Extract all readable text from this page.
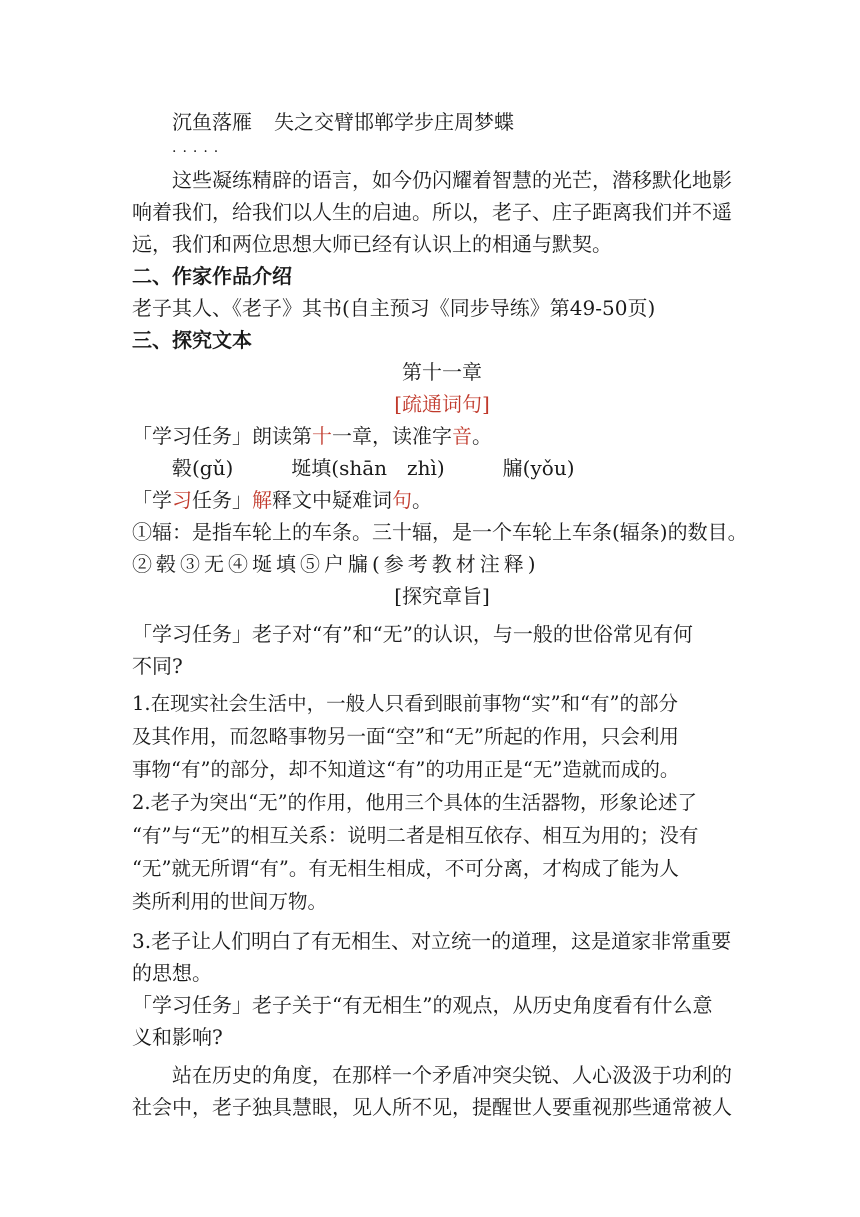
沉鱼落雁 失之交臂邯郸学步庄周梦蝶
.....
这些凝练精辟的语言，如今仍闪耀着智慧的光芒，潜移默化地影
响着我们，给我们以人生的启迪。所以，老子、庄子距离我们并不遥
远，我们和两位思想大师已经有认识上的相通与默契。
二、作家作品介绍
老子其人、《老子》其书(自主预习《同步导练》第49-50页)
三、探究文本
第十一章
[疏通词句]
「学习任务」朗读第十一章，读准字音。
毂(gǔ)	埏填(shān　zhì)	牖(yǒu)
「学习任务」解释文中疑难词句。
①辐：是指车轮上的车条。三十辐，是一个车轮上车条(辐条)的数目。
②毂③无④埏填⑤户牖(参考教材注释)
[探究章旨]
「学习任务」老子对“有”和“无”的认识，与一般的世俗常见有何
不同?
1.在现实社会生活中，一般人只看到眼前事物“实”和“有”的部分
及其作用，而忽略事物另一面“空”和“无”所起的作用，只会利用
事物“有”的部分，却不知道这“有”的功用正是“无”造就而成的。
2.老子为突出“无”的作用，他用三个具体的生活器物，形象论述了
“有”与“无”的相互关系：说明二者是相互依存、相互为用的；没有
“无”就无所谓“有”。有无相生相成，不可分离，才构成了能为人
类所利用的世间万物。
3.老子让人们明白了有无相生、对立统一的道理，这是道家非常重要
的思想。
「学习任务」老子关于“有无相生”的观点，从历史角度看有什么意
义和影响?
站在历史的角度，在那样一个矛盾冲突尖锐、人心汲汲于功利的
社会中，老子独具慧眼，见人所不见，提醒世人要重视那些通常被人
